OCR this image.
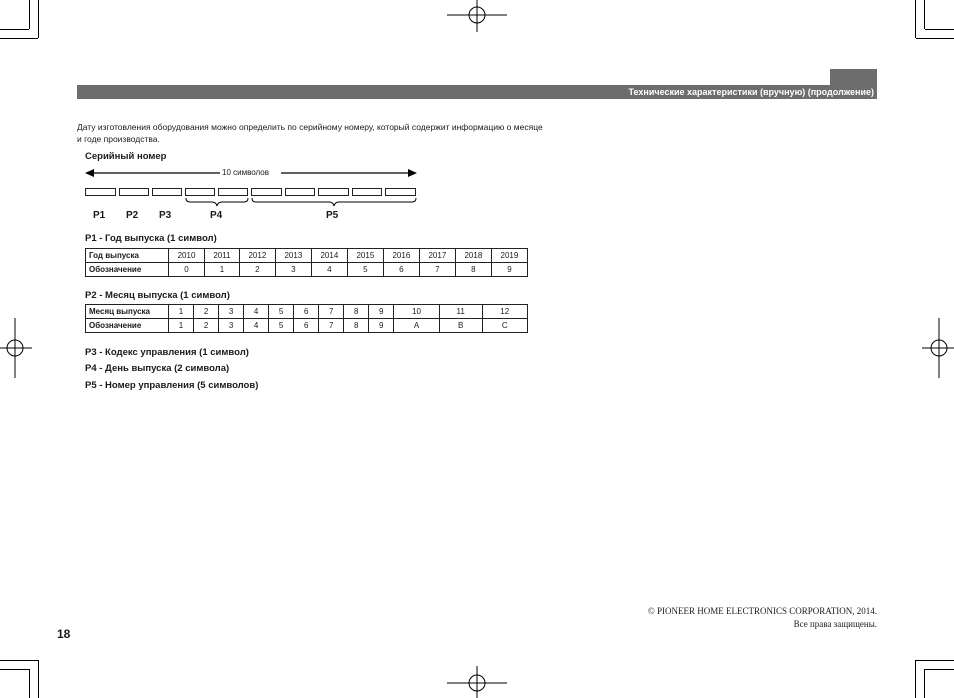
Технические характеристики (вручную) (продолжение)
Дату изготовления оборудования можно определить по серийному номеру, который содержит информацию о месяце и годе производства.
Серийный номер
10 символов
P1 P2 P3	P4	P5
P1 - Год выпуска (1 символ)
Год выпуска	2010	2011	2012	2013	2014	2015	2016	2017	2018	2019
Обозначение	0	1	2	3	4	5	6	7	8	9
P2 - Месяц выпуска (1 символ)
Месяц выпуска	1	2	3	4	5	6	7	8	9	10	11	12
Обозначение	1	2	3	4	5	6	7	8	9	A	B	C
P3 - Кодекс управления (1 символ)
P4 - День выпуска (2 символа)
P5 - Номер управления (5 символов)
© PIONEER HOME ELECTRONICS CORPORATION, 2014.
Все права защищены.
18
